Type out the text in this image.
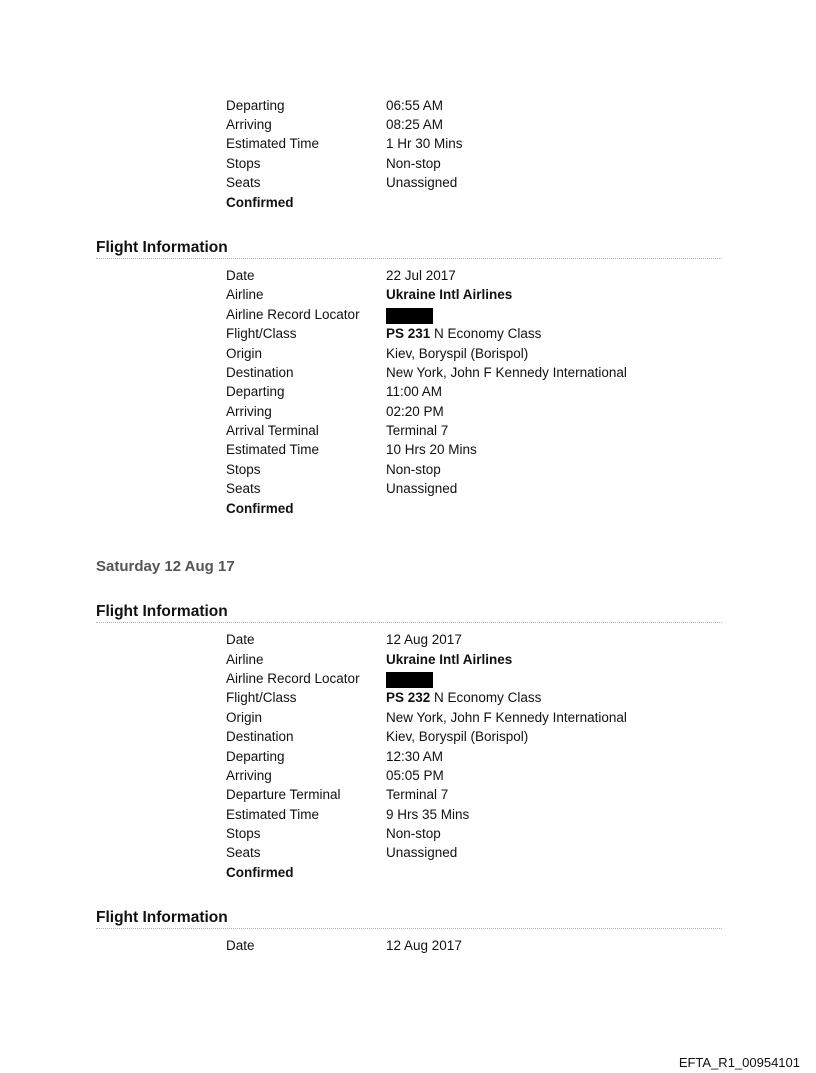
Departing	06:55 AM
Arriving	08:25 AM
Estimated Time	1 Hr 30 Mins
Stops	Non-stop
Seats	Unassigned
Confirmed
Flight Information
Date	22 Jul 2017
Airline	Ukraine Intl Airlines
Airline Record Locator
Flight/Class	PS 231 N Economy Class
Origin	Kiev, Boryspil (Borispol)
Destination	New York, John F Kennedy International
Departing	11:00 AM
Arriving	02:20 PM
Arrival Terminal	Terminal 7
Estimated Time	10 Hrs 20 Mins
Stops	Non-stop
Seats	Unassigned
Confirmed
Saturday 12 Aug 17
Flight Information
Date	12 Aug 2017
Airline	Ukraine Intl Airlines
Airline Record Locator
Flight/Class	PS 232 N Economy Class
Origin	New York, John F Kennedy International
Destination	Kiev, Boryspil (Borispol)
Departing	12:30 AM
Arriving	05:05 PM
Departure Terminal	Terminal 7
Estimated Time	9 Hrs 35 Mins
Stops	Non-stop
Seats	Unassigned
Confirmed
Flight Information
Date	12 Aug 2017
EFTA_R1_00954101
